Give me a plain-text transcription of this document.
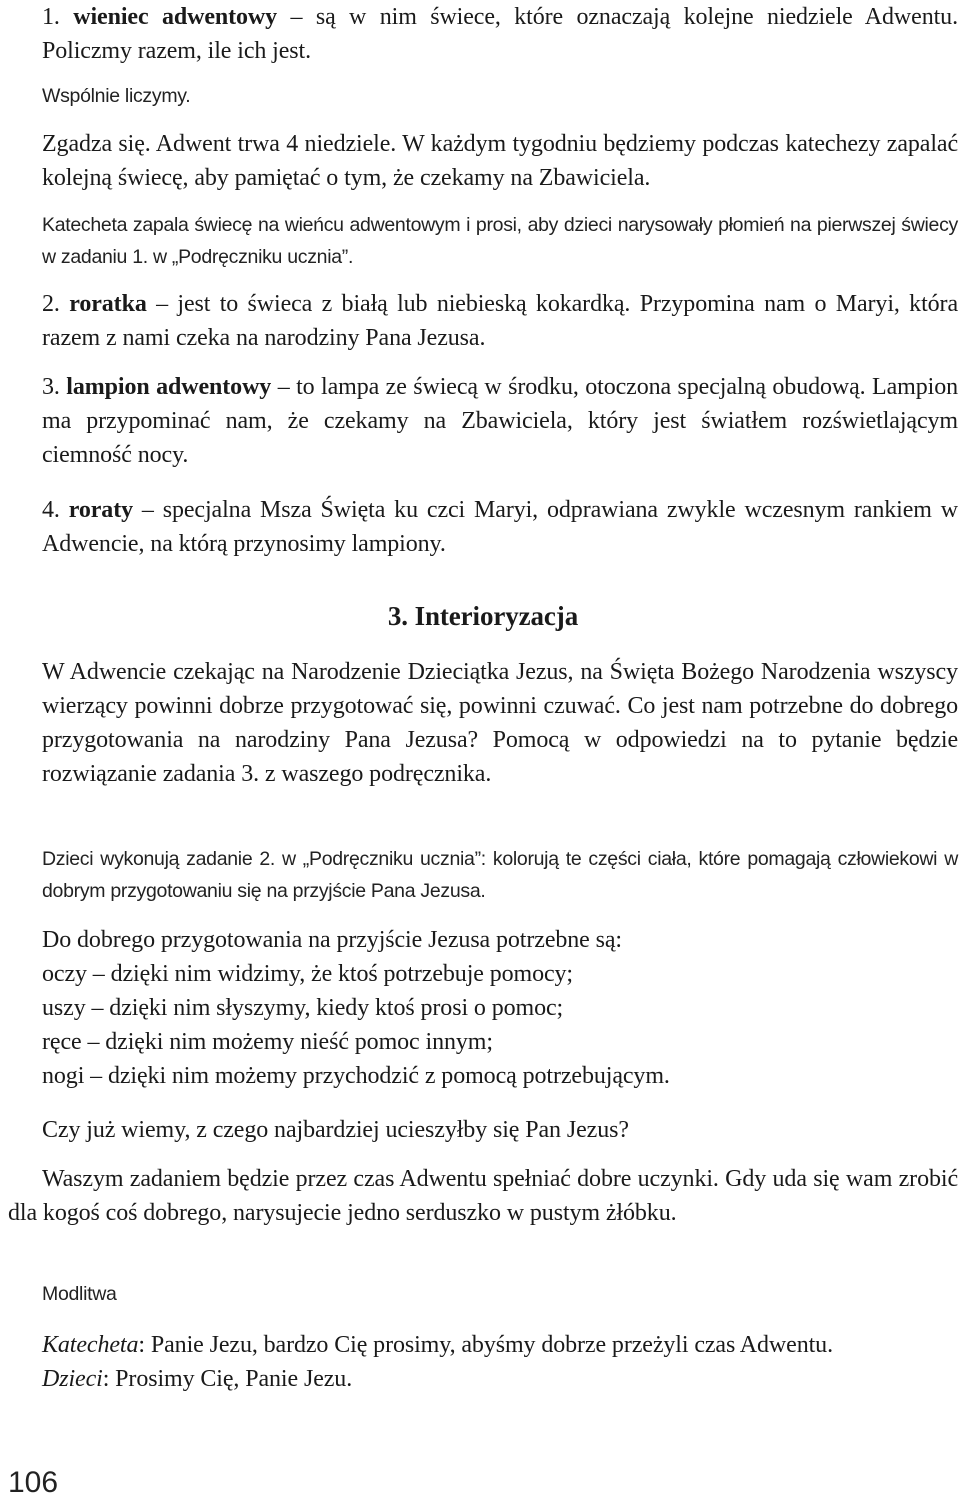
1. wieniec adwentowy – są w nim świece, które oznaczają kolejne niedziele Adwentu. Policzmy razem, ile ich jest.

Wspólnie liczymy.

Zgadza się. Adwent trwa 4 niedziele. W każdym tygodniu będziemy podczas katechezy zapalać kolejną świecę, aby pamiętać o tym, że czekamy na Zbawiciela.

Katecheta zapala świecę na wieńcu adwentowym i prosi, aby dzieci narysowały płomień na pierwszej świecy w zadaniu 1. w „Podręczniku ucznia”.

2. roratka – jest to świeca z białą lub niebieską kokardką. Przypomina nam o Maryi, która razem z nami czeka na narodziny Pana Jezusa.

3. lampion adwentowy – to lampa ze świecą w środku, otoczona specjalną obudową. Lampion ma przypominać nam, że czekamy na Zbawiciela, który jest światłem rozświetlającym ciemność nocy.

4. roraty – specjalna Msza Święta ku czci Maryi, odprawiana zwykle wczesnym rankiem w Adwencie, na którą przynosimy lampiony.

3. Interioryzacja

W Adwencie czekając na Narodzenie Dzieciątka Jezus, na Święta Bożego Narodzenia wszyscy wierzący powinni dobrze przygotować się, powinni czuwać. Co jest nam potrzebne do dobrego przygotowania na narodziny Pana Jezusa? Pomocą w odpowiedzi na to pytanie będzie rozwiązanie zadania 3. z waszego podręcznika.

Dzieci wykonują zadanie 2. w „Podręczniku ucznia”: kolorują te części ciała, które pomagają człowiekowi w dobrym przygotowaniu się na przyjście Pana Jezusa.

Do dobrego przygotowania na przyjście Jezusa potrzebne są:

oczy – dzięki nim widzimy, że ktoś potrzebuje pomocy;

uszy – dzięki nim słyszymy, kiedy ktoś prosi o pomoc;

ręce – dzięki nim możemy nieść pomoc innym;

nogi – dzięki nim możemy przychodzić z pomocą potrzebującym.

Czy już wiemy, z czego najbardziej ucieszyłby się Pan Jezus?

Waszym zadaniem będzie przez czas Adwentu spełniać dobre uczynki. Gdy uda się wam zrobić dla kogoś coś dobrego, narysujecie jedno serduszko w pustym żłóbku.

Modlitwa

Katecheta: Panie Jezu, bardzo Cię prosimy, abyśmy dobrze przeżyli czas Adwentu.

Dzieci: Prosimy Cię, Panie Jezu.

106
